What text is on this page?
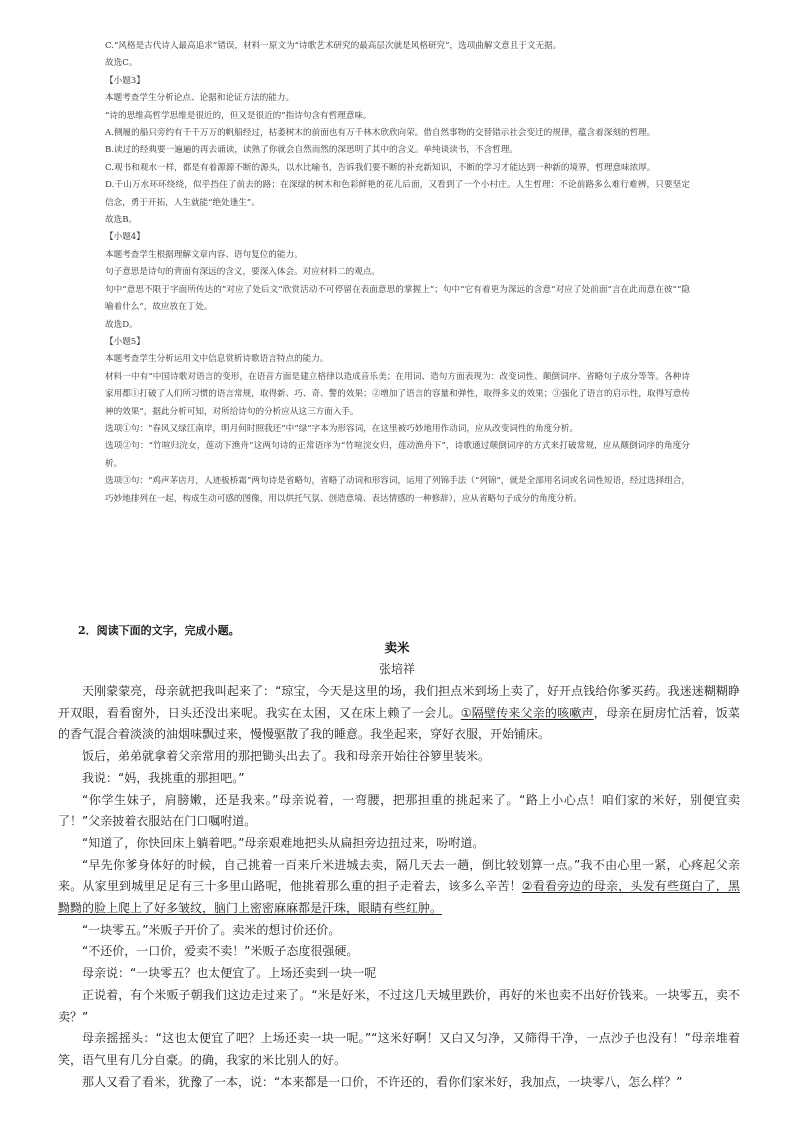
C.“风格是古代诗人最高追求”错误，材料一原文为“诗歌艺术研究的最高层次就是风格研究”，选项曲解文意且于文无据。

故选C。

【小题3】

本题考查学生分析论点、论据和论证方法的能力。

“诗的思维高哲学思维是很近的，但又是很近的”指诗句含有哲理意味。

A.侧履的船只旁约有千千万万的帆船经过，枯萎树木的前面也有万千林木欣欣向荣。借自然事物的交替错示社会变迁的规律，蕴含着深刻的哲理。

B.读过的经典要一遍遍的再去诵读，读熟了你就会自然而然的深思明了其中的含义。单纯谈读书，不含哲理。

C.观书和观水一样，都是有着源源不断的源头，以水比喻书，告诉我们要不断的补充新知识，不断的学习才能达到一种新的境界，哲理意味浓厚。

D.千山万水环环绕绕，似乎挡住了前去的路；在深绿的树木和色彩鲜艳的花儿后面，又看到了一个小村庄。人生哲理：不论前路多么难行难辨，只要坚定信念，勇于开拓，人生就能“绝处逢生”。

故选B。

【小题4】

本题考查学生根据理解文章内容、语句复位的能力。

句子意思是诗句的背面有深远的含义，要深入体会。对应材料二的观点。

句中“意思不限于字面所传达的”对应了处后文“欣赏活动不可停留在表面意思的掌握上”；句中“它有着更为深远的含意”对应了处前面“言在此而意在彼”“隐喻着什么”，故应放在丁处。

故选D。

【小题5】

本题考查学生分析运用文中信息赏析诗歌语言特点的能力。

材料一中有“中国诗歌对语言的变形，在语音方面是建立格律以造成音乐美；在用词、造句方面表现为：改变词性、颠倒词序、省略句子成分等等。各种诗家用都①打破了人们所习惯的语言常规，取得新、巧、奇、警的效果；②增加了语言的容量和弹性，取得多义的效果；③强化了语言的启示性，取得写意传神的效果”，据此分析可知，对所给诗句的分析应从这三方面入手。

选项①句：“春风又绿江南岸，明月何时照我还”中“绿”字本为形容词，在这里被巧妙地用作动词，应从改变词性的角度分析。

选项②句：“竹喧归浣女，莲动下渔舟”这两句诗的正常语序为“竹喧浣女归，莲动渔舟下”，诗歌通过颠倒词序的方式来打破常规，应从颠倒词序的角度分析。

选项③句：“鸡声茅店月，人迹板桥霜”两句诗是省略句，省略了动词和形容词，运用了列锦手法（“列锦”，就是全部用名词或名词性短语，经过选择组合，巧妙地排列在一起，构成生动可感的图像，用以烘托气氛、创造意境、表达情感的一种修辞），应从省略句子成分的角度分析。

2．阅读下面的文字，完成小题。
卖米
张培祥

天刚蒙蒙亮，母亲就把我叫起来了：“琼宝，今天是这里的场，我们担点米到场上卖了，好开点钱给你爹买药。我迷迷糊糊睁开双眼，看看窗外，日头还没出来呢。我实在太困，又在床上赖了一会儿。①隔壁传来父亲的咳嗽声，母亲在厨房忙活着，饭菜的香气混合着淡淡的油烟味飘过来，慢慢驱散了我的睡意。我坐起来，穿好衣服，开始铺床。

饭后，弟弟就拿着父亲常用的那把锄头出去了。我和母亲开始往谷箩里装米。

我说：“妈，我挑重的那担吧。”

“你学生妹子，肩膀嫩，还是我来。”母亲说着，一弯腰，把那担重的挑起来了。“路上小心点！咱们家的米好，别便宜卖了！”父亲披着衣服站在门口嘱咐道。

“知道了，你快回床上躺着吧。”母亲艰难地把头从扁担旁边扭过来，吩咐道。

“早先你爹身体好的时候，自己挑着一百来斤米进城去卖，隔几天去一趟，倒比较划算一点。”我不由心里一紧，心疼起父亲来。从家里到城里足足有三十多里山路呢，他挑着那么重的担子走着去，该多么辛苦！②看看旁边的母亲，头发有些斑白了，黑黝黝的脸上爬上了好多皱纹，脑门上密密麻麻都是汗珠，眼睛有些红肿。

“一块零五。”米贩子开价了。卖米的想讨价还价。

“不还价，一口价，爱卖不卖！”米贩子态度很强硬。

母亲说：“一块零五？也太便宜了。上场还卖到一块一呢

正说着，有个米贩子朝我们这边走过来了。“米是好米，不过这几天城里跌价，再好的米也卖不出好价钱来。一块零五，卖不卖？”

母亲摇摇头：“这也太便宜了吧？上场还卖一块一呢。”“这米好啊！又白又匀净，又筛得干净，一点沙子也没有！”母亲堆着笑，语气里有几分自豪。的确，我家的米比别人的好。

那人又看了看米，犹豫了一本，说：“本来都是一口价，不许还的，看你们家米好，我加点，一块零八，怎么样？”
